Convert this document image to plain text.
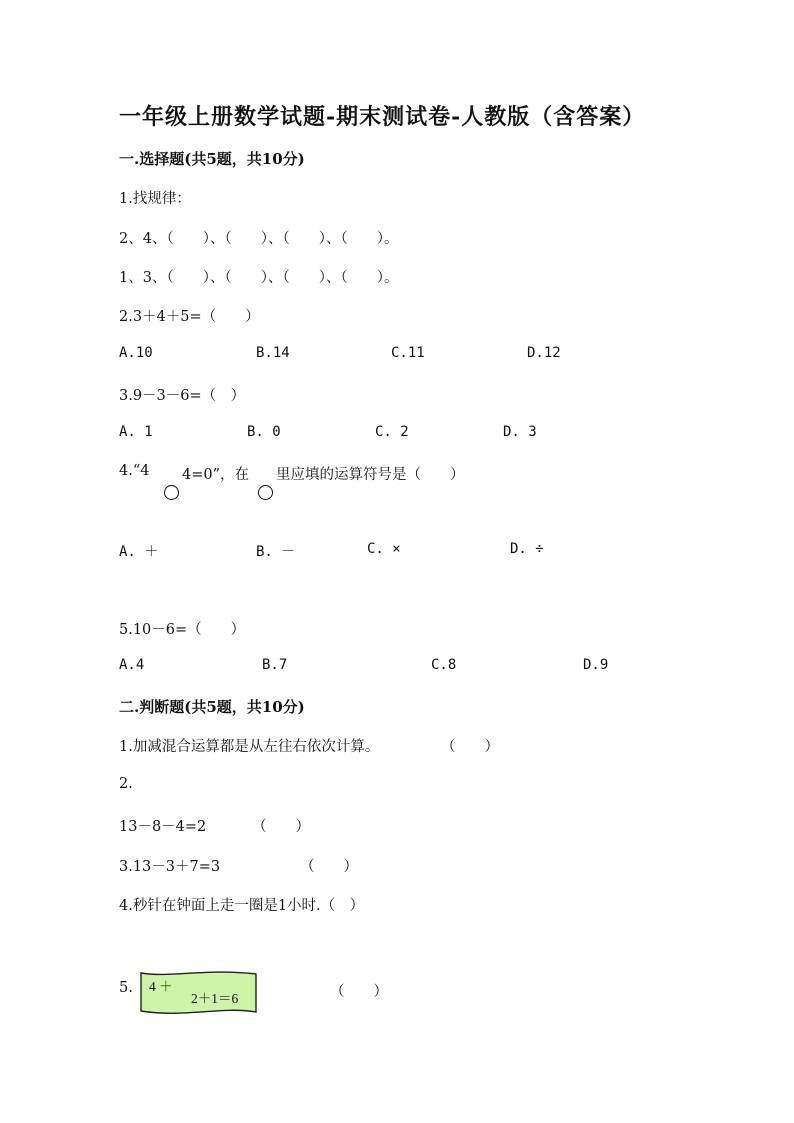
一年级上册数学试题-期末测试卷-人教版（含答案）
一.选择题(共5题，共10分)
1.找规律：
2、4、（　　）、（　　）、（　　）、（　　）。
1、3、（　　）、（　　）、（　　）、（　　）。
2.3＋4＋5=（　　）
A.10	B.14	C.11	D.12
3.9－3－6=（　）
A. 1	B. 0	C. 2	D. 3
4.“4 4=0”，在 里应填的运算符号是（　　）
A. ＋	B. －	C. ×	D. ÷
5.10－6=（　　）
A.4	B.7	C.8	D.9
二.判断题(共5题，共10分)
1.加减混合运算都是从左往右依次计算。	（　　）
2.
13－8－4=2	（　　）
3.13－3＋7=3	（　　）
4.秒针在钟面上走一圈是1小时.（　）
5. 4 ＋
2＋1＝6	（　　）
